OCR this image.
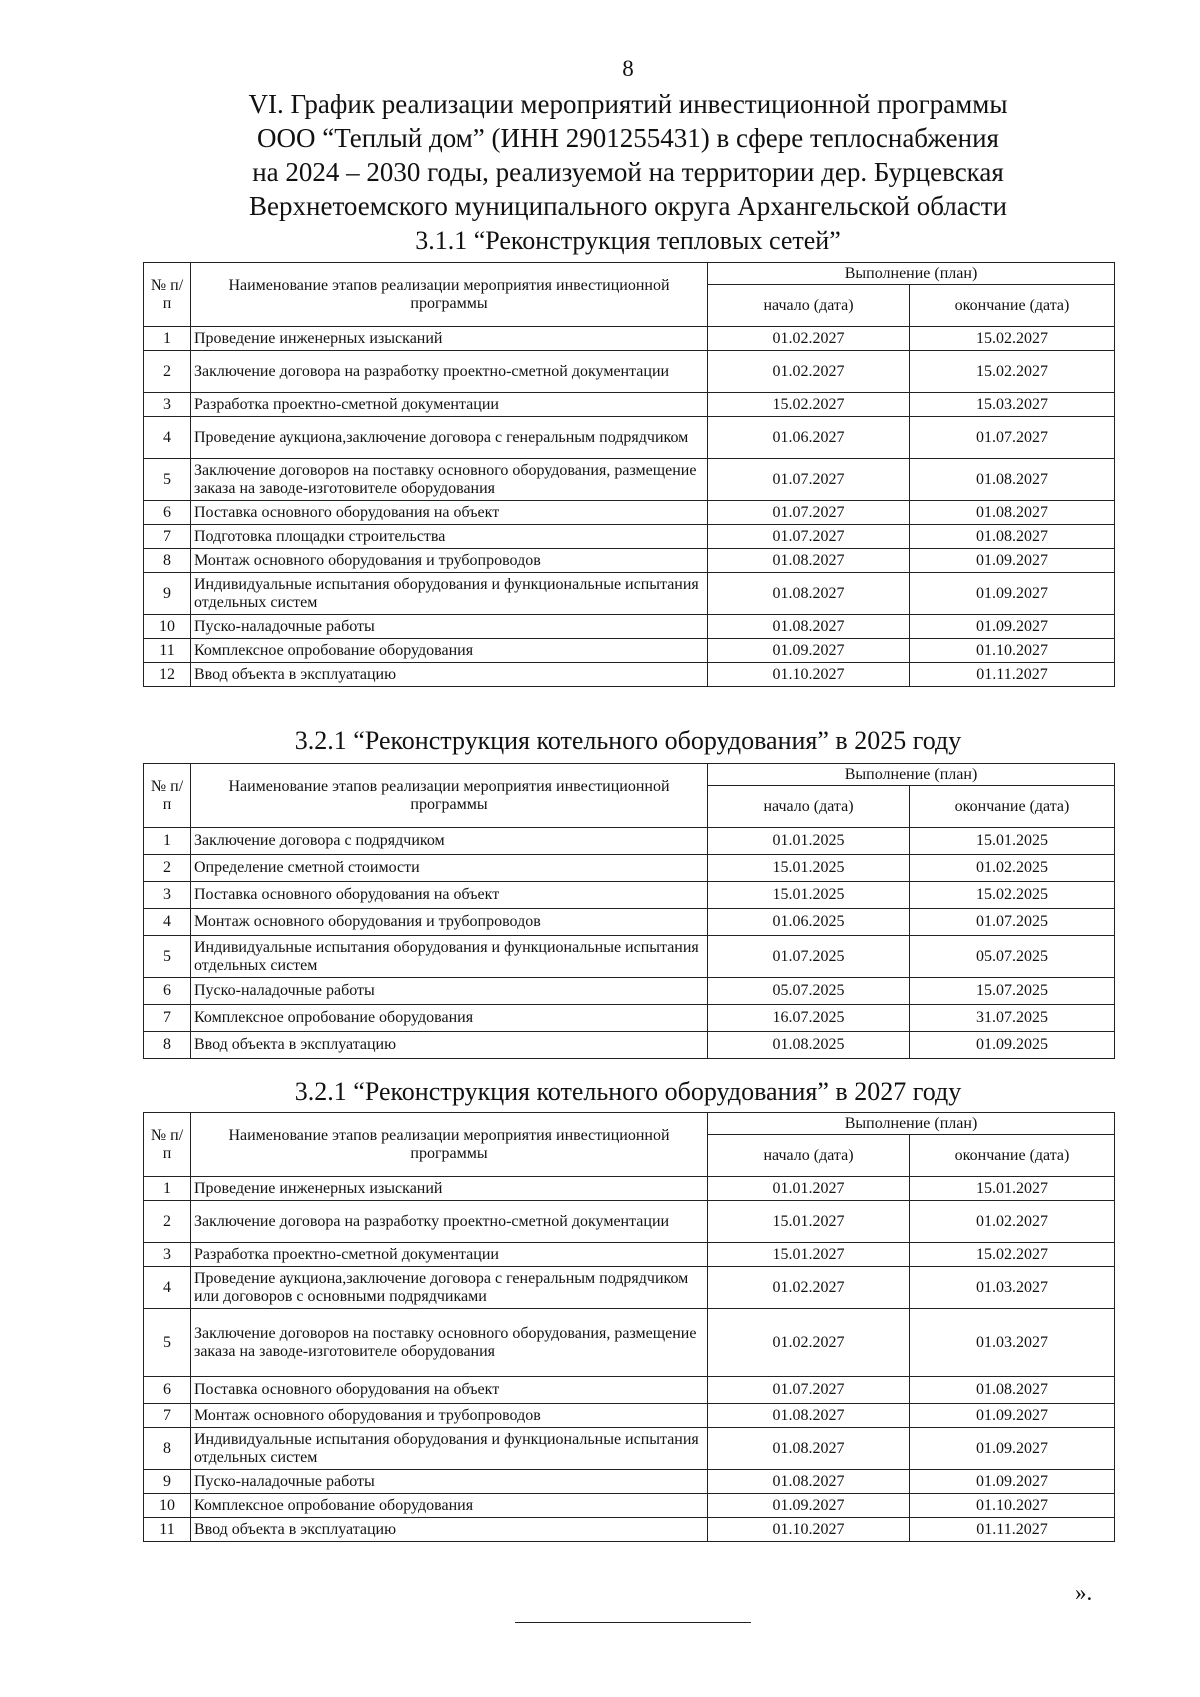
8
VI. График реализации мероприятий инвестиционной программы
ООО “Теплый дом” (ИНН 2901255431) в сфере теплоснабжения
на 2024 – 2030 годы, реализуемой на территории дер. Бурцевская
Верхнетоемского муниципального округа Архангельской области
3.1.1 “Реконструкция тепловых сетей”
№ п/п	Наименование этапов реализации мероприятия инвестиционной программы	Выполнение (план)	
		начало (дата)	окончание (дата)
1	Проведение инженерных изысканий	01.02.2027	15.02.2027
2	Заключение договора на разработку проектно-сметной документации	01.02.2027	15.02.2027
3	Разработка проектно-сметной документации	15.02.2027	15.03.2027
4	Проведение аукциона,заключение договора с генеральным подрядчиком	01.06.2027	01.07.2027
5	Заключение договоров на поставку основного оборудования, размещение заказа на заводе-изготовителе оборудования	01.07.2027	01.08.2027
6	Поставка основного оборудования на объект	01.07.2027	01.08.2027
7	Подготовка площадки строительства	01.07.2027	01.08.2027
8	Монтаж основного оборудования и трубопроводов	01.08.2027	01.09.2027
9	Индивидуальные испытания оборудования и функциональные испытания отдельных систем	01.08.2027	01.09.2027
10	Пуско-наладочные работы	01.08.2027	01.09.2027
11	Комплексное опробование оборудования	01.09.2027	01.10.2027
12	Ввод объекта в эксплуатацию	01.10.2027	01.11.2027
3.2.1 “Реконструкция котельного оборудования” в 2025 году
№ п/п	Наименование этапов реализации мероприятия инвестиционной программы	Выполнение (план)	
		начало (дата)	окончание (дата)
1	Заключение договора с подрядчиком	01.01.2025	15.01.2025
2	Определение сметной стоимости	15.01.2025	01.02.2025
3	Поставка основного оборудования на объект	15.01.2025	15.02.2025
4	Монтаж основного оборудования и трубопроводов	01.06.2025	01.07.2025
5	Индивидуальные испытания оборудования и функциональные испытания отдельных систем	01.07.2025	05.07.2025
6	Пуско-наладочные работы	05.07.2025	15.07.2025
7	Комплексное опробование оборудования	16.07.2025	31.07.2025
8	Ввод объекта в эксплуатацию	01.08.2025	01.09.2025
3.2.1 “Реконструкция котельного оборудования” в 2027 году
№ п/п	Наименование этапов реализации мероприятия инвестиционной программы	Выполнение (план)	
		начало (дата)	окончание (дата)
1	Проведение инженерных изысканий	01.01.2027	15.01.2027
2	Заключение договора на разработку проектно-сметной документации	15.01.2027	01.02.2027
3	Разработка проектно-сметной документации	15.01.2027	15.02.2027
4	Проведение аукциона,заключение договора с генеральным подрядчиком или договоров с основными подрядчиками	01.02.2027	01.03.2027
5	Заключение договоров на поставку основного оборудования, размещение заказа на заводе-изготовителе оборудования	01.02.2027	01.03.2027
6	Поставка основного оборудования на объект	01.07.2027	01.08.2027
7	Монтаж основного оборудования и трубопроводов	01.08.2027	01.09.2027
8	Индивидуальные испытания оборудования и функциональные испытания отдельных систем	01.08.2027	01.09.2027
9	Пуско-наладочные работы	01.08.2027	01.09.2027
10	Комплексное опробование оборудования	01.09.2027	01.10.2027
11	Ввод объекта в эксплуатацию	01.10.2027	01.11.2027
».
